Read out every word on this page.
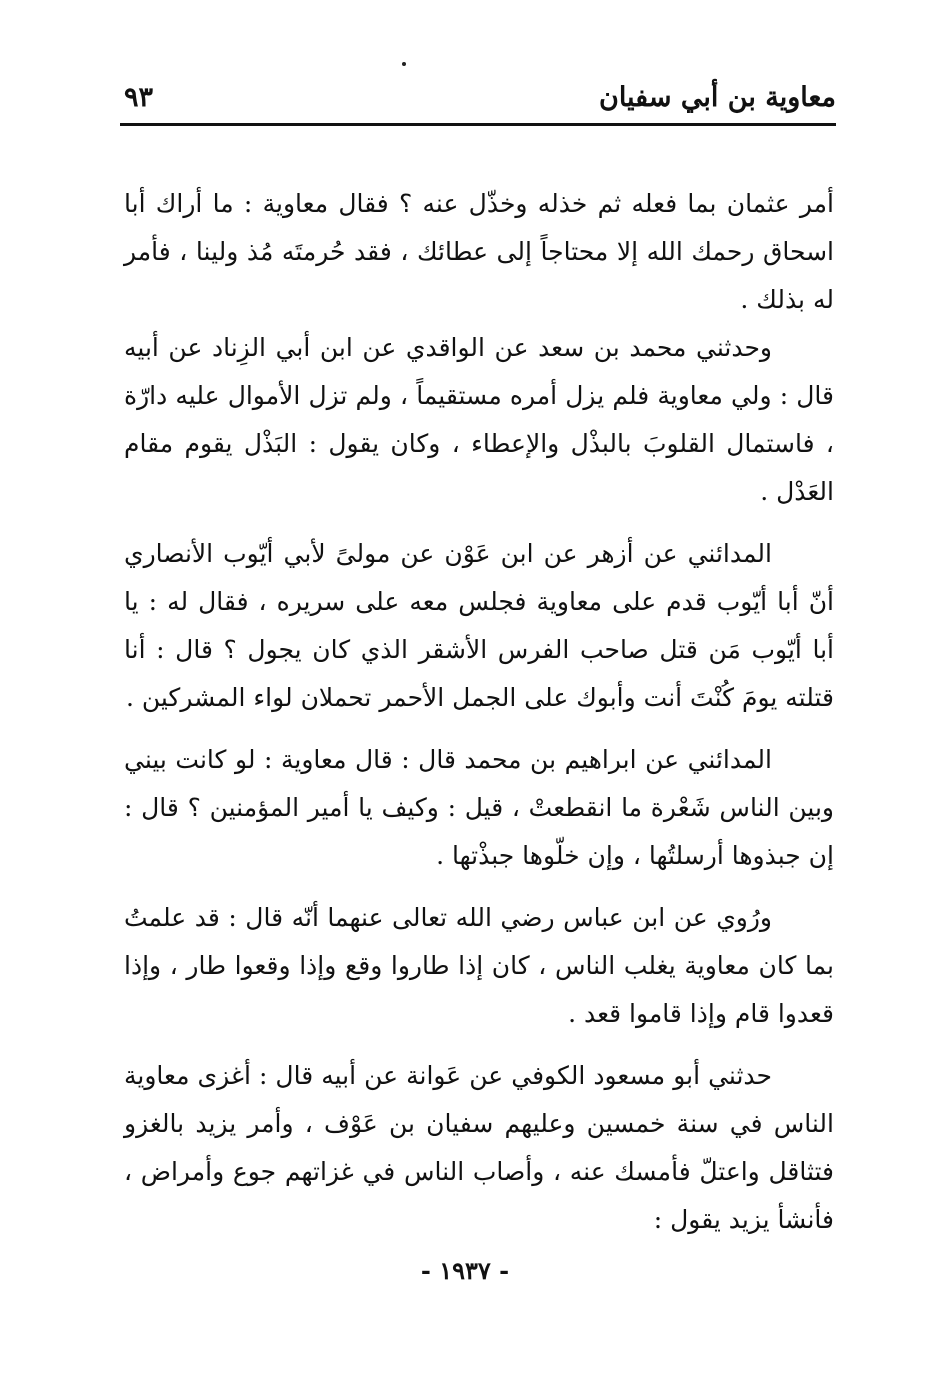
معاوية بن أبي سفيان
٩٣

أمر عثمان بما فعله ثم خذله وخذّل عنه ؟ فقال معاوية : ما أراك أبا اسحاق رحمك الله إلا محتاجاً إلى عطائك ، فقد حُرمتَه مُذ ولينا ، فأمر له بذلك .

وحدثني محمد بن سعد عن الواقدي عن ابن أبي الزِناد عن أبيه قال : ولي معاوية فلم يزل أمره مستقيماً ، ولم تزل الأموال عليه دارّة ، فاستمال القلوبَ بالبذْل والإعطاء ، وكان يقول : البَذْل يقوم مقام العَدْل .

المدائني عن أزهر عن ابن عَوْن عن مولىً لأبي أيّوب الأنصاري أنّ أبا أيّوب قدم على معاوية فجلس معه على سريره ، فقال له : يا أبا أيّوب مَن قتل صاحب الفرس الأشقر الذي كان يجول ؟ قال : أنا قتلته يومَ كُنْتَ أنت وأبوك على الجمل الأحمر تحملان لواء المشركين .

المدائني عن ابراهيم بن محمد قال : قال معاوية : لو كانت بيني وبين الناس شَعْرة ما انقطعتْ ، قيل : وكيف يا أمير المؤمنين ؟ قال : إن جبذوها أرسلتُها ، وإن خلّوها جبذْتها .

ورُوي عن ابن عباس رضي الله تعالى عنهما أنّه قال : قد علمتُ بما كان معاوية يغلب الناس ، كان إذا طاروا وقع وإذا وقعوا طار ، وإذا قعدوا قام وإذا قاموا قعد .

حدثني أبو مسعود الكوفي عن عَوانة عن أبيه قال : أغزى معاوية الناس في سنة خمسين وعليهم سفيان بن عَوْف ، وأمر يزيد بالغزو فتثاقل واعتلّ فأمسك عنه ، وأصاب الناس في غزاتهم جوع وأمراض ، فأنشأ يزيد يقول :

- ١٩٣٧ -
